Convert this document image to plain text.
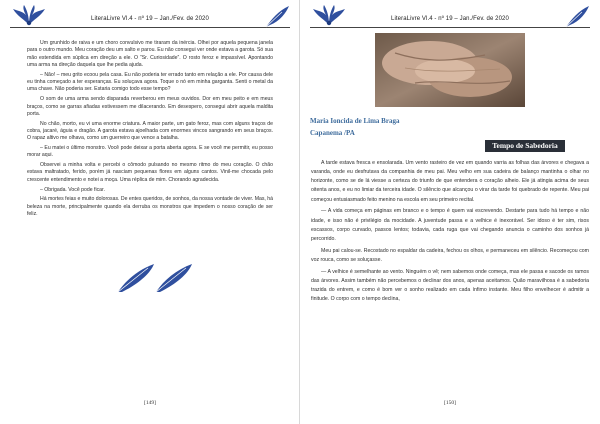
LiteraLivre Vl.4 - nº 19 – Jan./Fev. de 2020

Um grunhido de raiva e um choro convulsivo me tiraram da inércia. Olhei por aquela pequena janela para o outro mundo. Meu coração deu um salto e parou. Eu não consegui ver onde estava a garota. Só sua mão estendida em súplica em direção a ele. O “Sr. Curiosidade”. O rosto feroz e impassível. Apontando uma arma na direção daquela que lhe pedia ajuda.

– Não! – meu grito ecoou pela casa. Eu não poderia ter errado tanto em relação a ele. Por causa dele eu tinha começado a ter esperanças. Eu soluçava agora. Toque o nó em minha garganta. Senti o metal da uma chave. Não poderia ser. Estaria comigo todo esse tempo?

O som de uma arma sendo disparada reverberou em meus ouvidos. Dor em meu peito e em meus braços, como se garras afiadas estivessem me dilacerando. Em desespero, consegui abrir aquela maldita porta.

No chão, morto, eu vi uma enorme criatura. A maior parte, um gato feroz, mas com alguns traços de cobra, jacaré, águia e dragão. A garota estava ajoelhada com enormes vincos sangrando em seus braços. O rapaz altivo me olhava, como um guerreiro que vence a batalha.

– Eu matei o último monstro. Você pode deixar a porta aberta agora. E se você me permitir, eu posso morar aqui.

Observei a minha volta e percebi o cômodo pulsando no mesmo ritmo do meu coração. O chão estava maltratado, ferido, porém já nasciam pequenas flores em alguns cantos. Vinil-me chocada pelo crescente entendimento e notei a moça. Uma réplica de mim. Chorando agradecida.

– Obrigada. Você pode ficar.

Há mortes feias e muito dolorosas. De entes queridos, de sonhos, da nossa vontade de viver. Mas, há beleza na morte, principalmente quando ela derruba os monstros que impedem o nosso coração de ser feliz.

[149]
LiteraLivre Vl.4 - nº 19 – Jan./Fev. de 2020
Maria Ioncida de Lima Braga
Capanema /PA
Tempo de Sabedoria

A tarde estava fresca e ensolarada. Um vento rasteiro de vez em quando varria as folhas das árvores e chegava a varanda, onde eu desfrutava da companhia de meu pai. Meu velho em sua cadeira de balanço mantinha o olhar no horizonte, como se de lá viesse a certeza do triunfo de que entendera o coração alheio. Ele já atingia acima de seus oitenta anos, e eu no limiar da terceira idade. O silêncio que alcançou o virar da tarde foi quebrado de repente. Meu pai começou entusiasmado feito menino na escola em seu primeiro recital.

— A vida começa em páginas em branco e o tempo é quem vai escrevendo. Destarte para tudo há tempo e não idade, e isso não é privilégio da mocidade. A juventude passa e a velhice é inexorável. Ser idoso é ter sim, risos escassos, corpo curvado, passos lentos; todavia, cada ruga que vai chegando anuncia o caminho dos sonhos já percorrido.

Meu pai calou-se. Recostado no espaldar da cadeira, fechou os olhos, e permaneceu em silêncio. Recomeçou com voz rouca, como se soluçasse.

— A velhice é semelhante ao vento. Ninguém o vê; nem sabemos onde começa, mas ele passa e sacode os ramos das árvores. Assim também não percebemos o declinar dos anos, apenas aceitamos. Quão maravilhosa é a sabedoria trazida do entrem, e como é bom ver o sonho realizado em cada ínfimo instante. Meu filho envelhecer é admitir a finitude. O corpo com o tempo declina,

[150]
